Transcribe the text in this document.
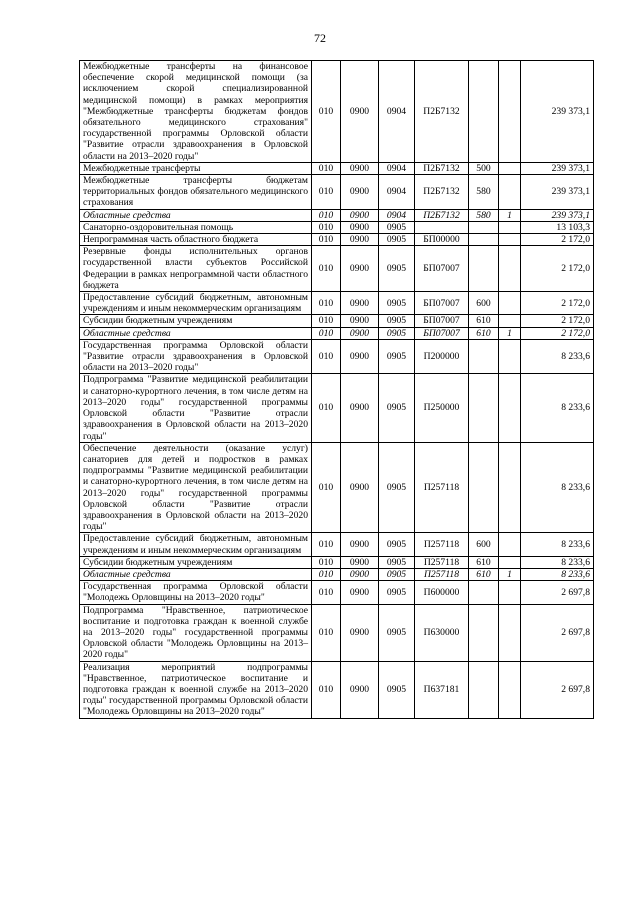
72
Межбюджетные трансферты на финансовое обеспечение скорой медицинской помощи (за исключением скорой специализированной медицинской помощи) в рамках мероприятия "Межбюджетные трансферты бюджетам фондов обязательного медицинского страхования" государственной программы Орловской области "Развитие отрасли здравоохранения в Орловской области на 2013–2020 годы"	010	0900	0904	П2Б7132			239 373,1
Межбюджетные трансферты	010	0900	0904	П2Б7132	500		239 373,1
Межбюджетные трансферты бюджетам территориальных фондов обязательного медицинского страхования	010	0900	0904	П2Б7132	580		239 373,1
Областные средства	010	0900	0904	П2Б7132	580	1	239 373,1
Санаторно-оздоровительная помощь	010	0900	0905				13 103,3
Непрограммная часть областного бюджета	010	0900	0905	БП00000			2 172,0
Резервные фонды исполнительных органов государственной власти субъектов Российской Федерации в рамках непрограммной части областного бюджета	010	0900	0905	БП07007			2 172,0
Предоставление субсидий бюджетным, автономным учреждениям и иным некоммерческим организациям	010	0900	0905	БП07007	600		2 172,0
Субсидии бюджетным учреждениям	010	0900	0905	БП07007	610		2 172,0
Областные средства	010	0900	0905	БП07007	610	1	2 172,0
Государственная программа Орловской области "Развитие отрасли здравоохранения в Орловской области на 2013–2020 годы"	010	0900	0905	П200000			8 233,6
Подпрограмма "Развитие медицинской реабилитации и санаторно-курортного лечения, в том числе детям на 2013–2020 годы" государственной программы Орловской области "Развитие отрасли здравоохранения в Орловской области на 2013–2020 годы"	010	0900	0905	П250000			8 233,6
Обеспечение деятельности (оказание услуг) санаториев для детей и подростков в рамках подпрограммы "Развитие медицинской реабилитации и санаторно-курортного лечения, в том числе детям на 2013–2020 годы" государственной программы Орловской области "Развитие отрасли здравоохранения в Орловской области на 2013–2020 годы"	010	0900	0905	П257118			8 233,6
Предоставление субсидий бюджетным, автономным учреждениям и иным некоммерческим организациям	010	0900	0905	П257118	600		8 233,6
Субсидии бюджетным учреждениям	010	0900	0905	П257118	610		8 233,6
Областные средства	010	0900	0905	П257118	610	1	8 233,6
Государственная программа Орловской области "Молодежь Орловщины на 2013–2020 годы"	010	0900	0905	П600000			2 697,8
Подпрограмма "Нравственное, патриотическое воспитание и подготовка граждан к военной службе на 2013–2020 годы" государственной программы Орловской области "Молодежь Орловщины на 2013–2020 годы"	010	0900	0905	П630000			2 697,8
Реализация мероприятий подпрограммы "Нравственное, патриотическое воспитание и подготовка граждан к военной службе на 2013–2020 годы" государственной программы Орловской области "Молодежь Орловщины на 2013–2020 годы"	010	0900	0905	П637181			2 697,8
